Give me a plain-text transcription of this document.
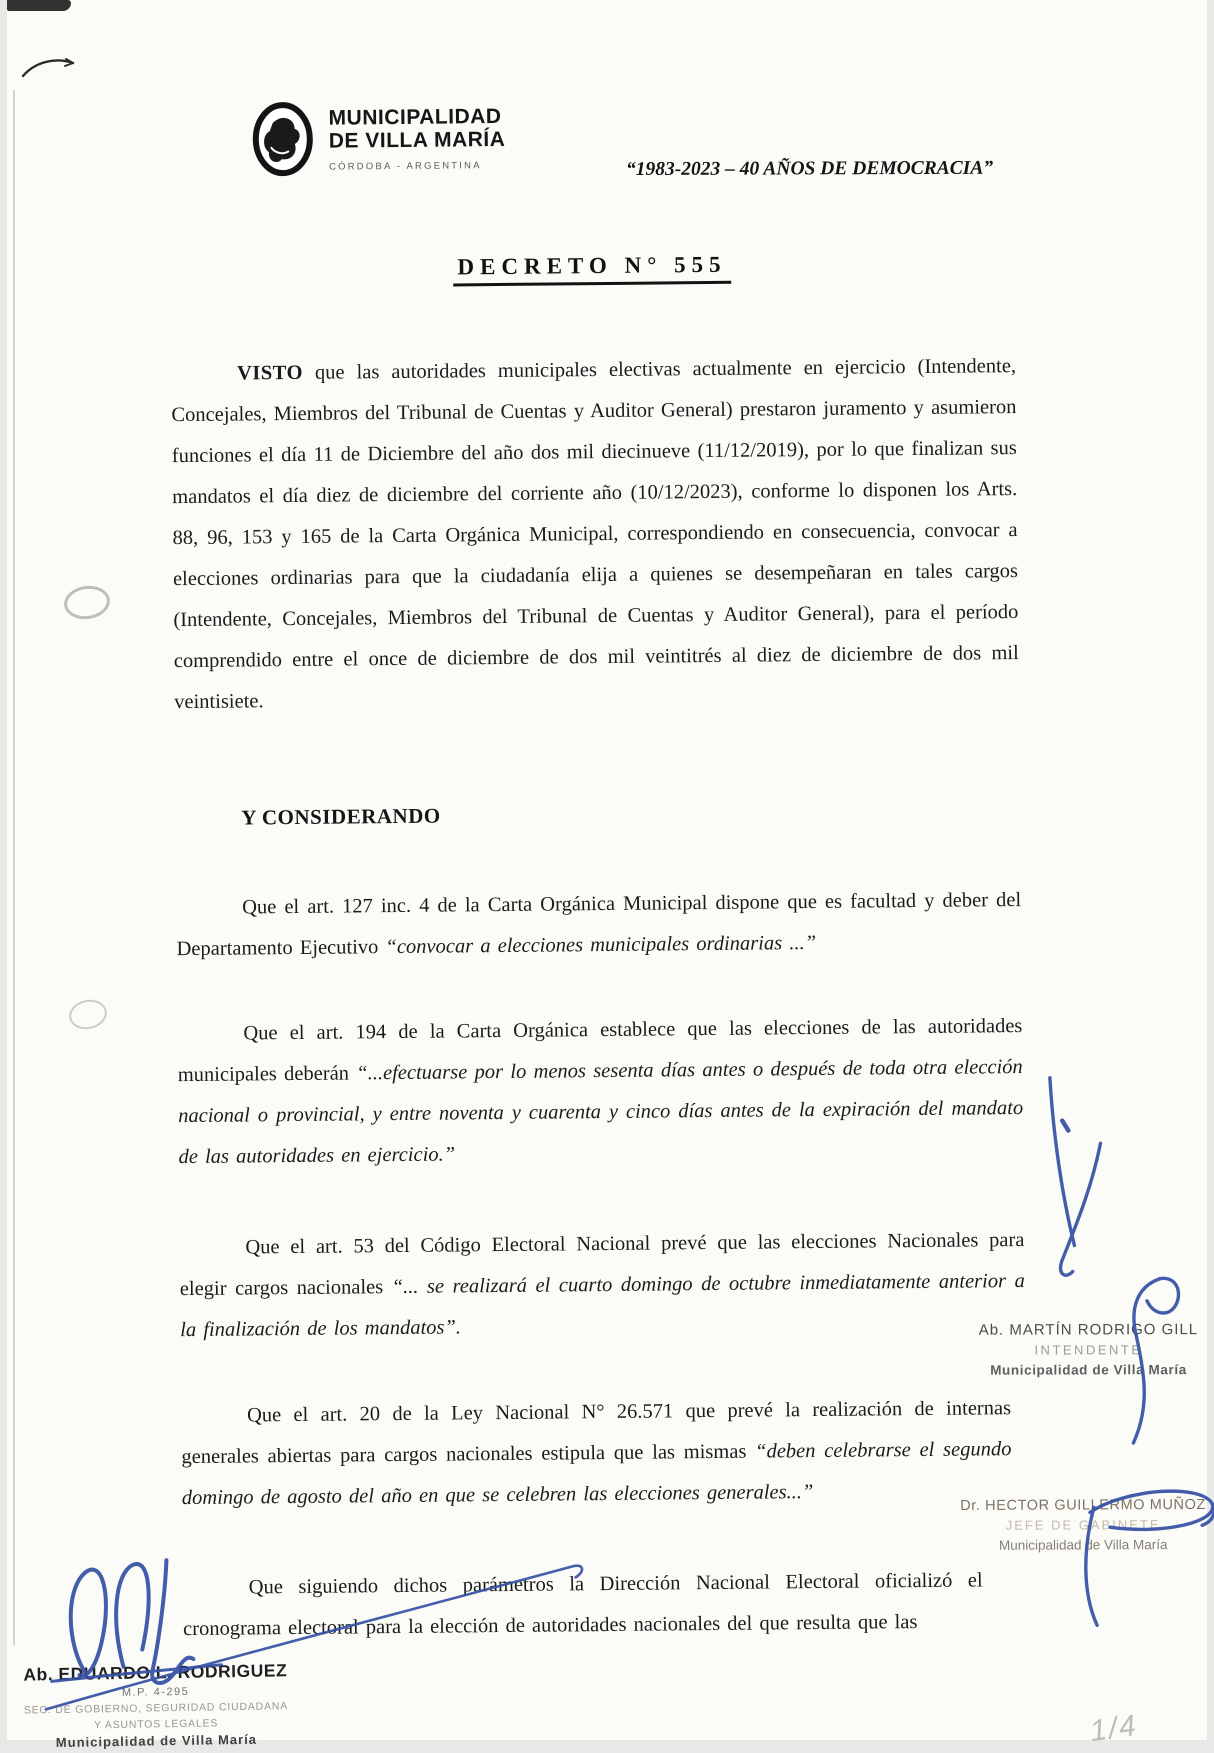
MUNICIPALIDAD
DE VILLA MARÍA
CÓRDOBA - ARGENTINA	“1983-2023 – 40 AÑOS DE DEMOCRACIA”
DECRETO N° 555

VISTO que las autoridades municipales electivas actualmente en ejercicio (Intendente, Concejales, Miembros del Tribunal de Cuentas y Auditor General) prestaron juramento y asumieron funciones el día 11 de Diciembre del año dos mil diecinueve (11/12/2019), por lo que finalizan sus mandatos el día diez de diciembre del corriente año (10/12/2023), conforme lo disponen los Arts. 88, 96, 153 y 165 de la Carta Orgánica Municipal, correspondiendo en consecuencia, convocar a elecciones ordinarias para que la ciudadanía elija a quienes se desempeñaran en tales cargos (Intendente, Concejales, Miembros del Tribunal de Cuentas y Auditor General), para el período comprendido entre el once de diciembre de dos mil veintitrés al diez de diciembre de dos mil veintisiete.

Y CONSIDERANDO

Que el art. 127 inc. 4 de la Carta Orgánica Municipal dispone que es facultad y deber del Departamento Ejecutivo “convocar a elecciones municipales ordinarias ...”

Que el art. 194 de la Carta Orgánica establece que las elecciones de las autoridades municipales deberán “...efectuarse por lo menos sesenta días antes o después de toda otra elección nacional o provincial, y entre noventa y cuarenta y cinco días antes de la expiración del mandato de las autoridades en ejercicio.”

Que el art. 53 del Código Electoral Nacional prevé que las elecciones Nacionales para elegir cargos nacionales “... se realizará el cuarto domingo de octubre inmediatamente anterior a la finalización de los mandatos”.

Que el art. 20 de la Ley Nacional N° 26.571 que prevé la realización de internas generales abiertas para cargos nacionales estipula que las mismas “deben celebrarse el segundo domingo de agosto del año en que se celebren las elecciones generales...”

Que siguiendo dichos parámetros la Dirección Nacional Electoral oficializó el cronograma electoral para la elección de autoridades nacionales del que resulta que las

Ab. MARTÍN RODRIGO GILL
INTENDENTE
Municipalidad de Villa María
Dr. HECTOR GUILLERMO MUÑOZ
JEFE DE GABINETE
Municipalidad de Villa María
Ab. EDUARDO L. RODRIGUEZ
M.P. 4-295
SEC. DE GOBIERNO, SEGURIDAD CIUDADANA
Y ASUNTOS LEGALES
Municipalidad de Villa María	1/4
